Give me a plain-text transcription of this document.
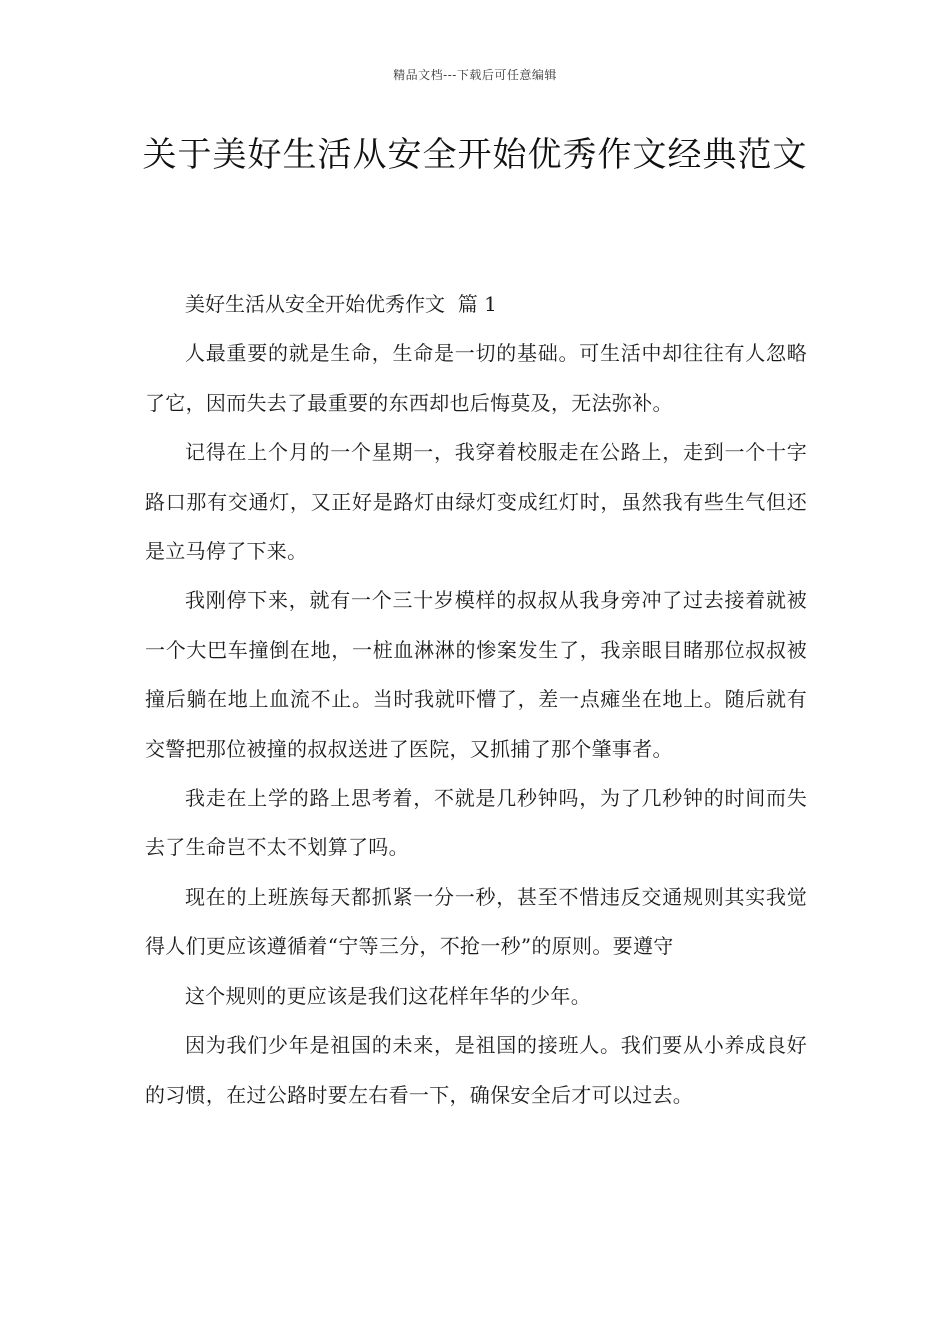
精品文档---下载后可任意编辑
关于美好生活从安全开始优秀作文经典范文

美好生活从安全开始优秀作文  篇 1

人最重要的就是生命，生命是一切的基础。可生活中却往往有人忽略了它，因而失去了最重要的东西却也后悔莫及，无法弥补。

记得在上个月的一个星期一，我穿着校服走在公路上，走到一个十字路口那有交通灯，又正好是路灯由绿灯变成红灯时，虽然我有些生气但还是立马停了下来。

我刚停下来，就有一个三十岁模样的叔叔从我身旁冲了过去接着就被一个大巴车撞倒在地，一桩血淋淋的惨案发生了，我亲眼目睹那位叔叔被撞后躺在地上血流不止。当时我就吓懵了，差一点瘫坐在地上。随后就有交警把那位被撞的叔叔送进了医院，又抓捕了那个肇事者。

我走在上学的路上思考着，不就是几秒钟吗，为了几秒钟的时间而失去了生命岂不太不划算了吗。

现在的上班族每天都抓紧一分一秒，甚至不惜违反交通规则其实我觉得人们更应该遵循着“宁等三分，不抢一秒”的原则。要遵守

这个规则的更应该是我们这花样年华的少年。

因为我们少年是祖国的未来，是祖国的接班人。我们要从小养成良好的习惯，在过公路时要左右看一下，确保安全后才可以过去。
